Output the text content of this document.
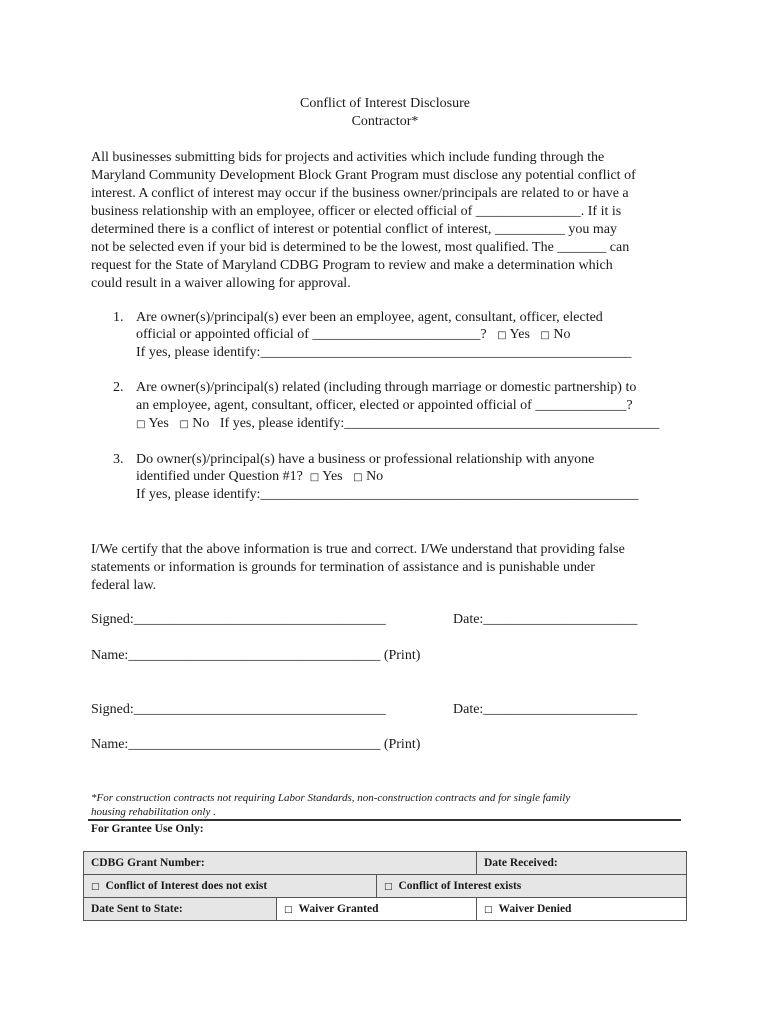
Conflict of Interest Disclosure
Contractor*
All businesses submitting bids for projects and activities which include funding through the
Maryland Community Development Block Grant Program must disclose any potential conflict of
interest. A conflict of interest may occur if the business owner/principals are related to or have a
business relationship with an employee, officer or elected official of _______________. If it is
determined there is a conflict of interest or potential conflict of interest, __________ you may
not be selected even if your bid is determined to be the lowest, most qualified. The _______ can
request for the State of Maryland CDBG Program to review and make a determination which
could result in a waiver allowing for approval.
1. Are owner(s)/principal(s) ever been an employee, agent, consultant, officer, elected
official or appointed official of ________________________? □ Yes □ No
If yes, please identify:_____________________________________________________
2. Are owner(s)/principal(s) related (including through marriage or domestic partnership) to
an employee, agent, consultant, officer, elected or appointed official of _____________?
□ Yes □ No If yes, please identify:_____________________________________________
3. Do owner(s)/principal(s) have a business or professional relationship with anyone
identified under Question #1? □ Yes □ No
If yes, please identify:______________________________________________________
I/We certify that the above information is true and correct. I/We understand that providing false
statements or information is grounds for termination of assistance and is punishable under
federal law.
Signed:____________________________________	Date:______________________
Name:____________________________________ (Print)
Signed:____________________________________	Date:______________________
Name:____________________________________ (Print)
*For construction contracts not requiring Labor Standards, non-construction contracts and for single family
housing rehabilitation only .
For Grantee Use Only:
CDBG Grant Number:			Date Received:
□ Conflict of Interest does not exist		□ Conflict of Interest exists	
Date Sent to State:	□ Waiver Granted		□ Waiver Denied
